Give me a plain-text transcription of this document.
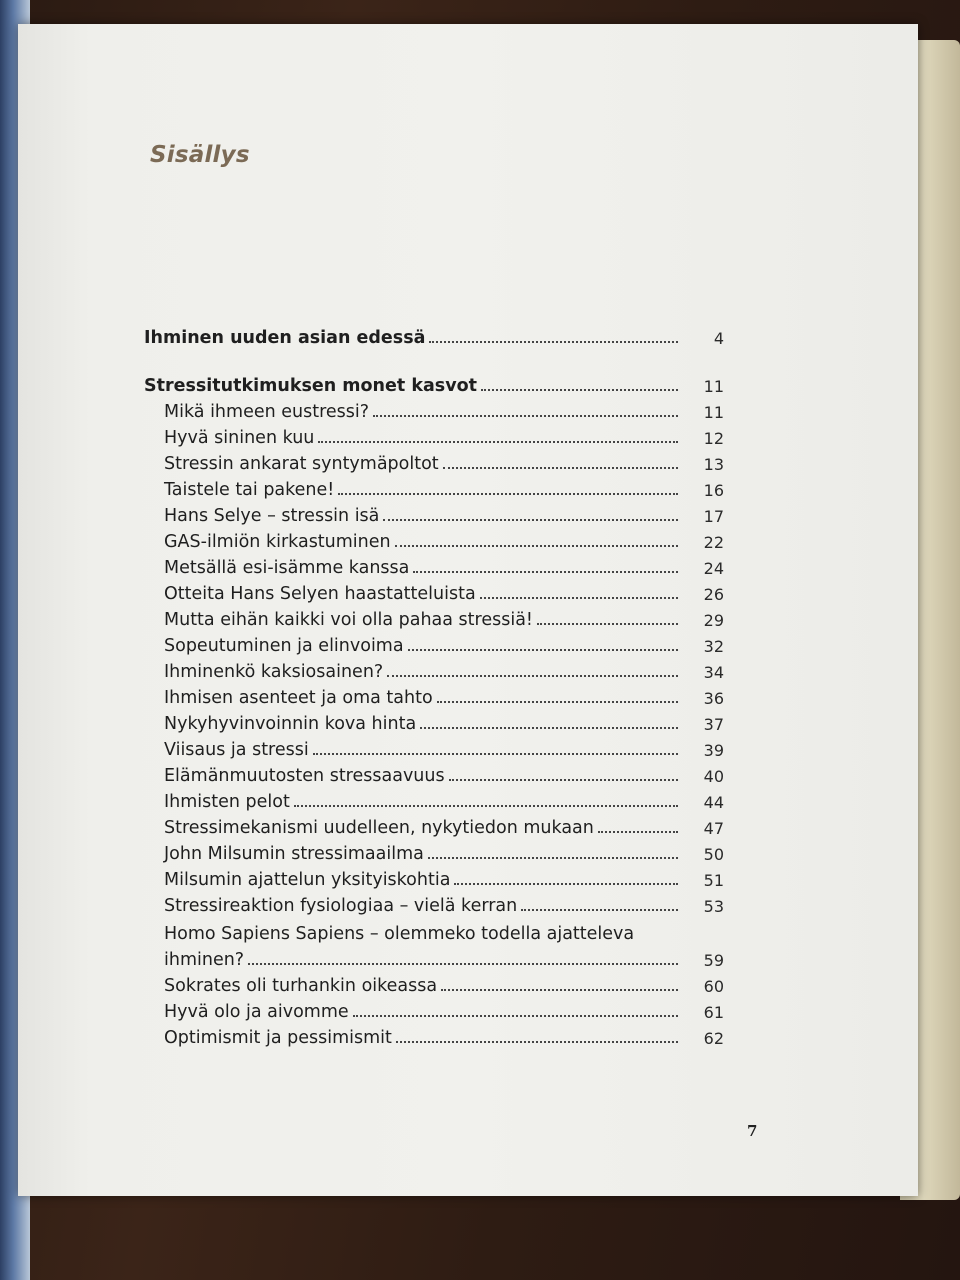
Sisällys
Ihminen uuden asian edessä	4
Stressitutkimuksen monet kasvot	11
Mikä ihmeen eustressi?	11
Hyvä sininen kuu	12
Stressin ankarat syntymäpoltot	13
Taistele tai pakene!	16
Hans Selye – stressin isä	17
GAS-ilmiön kirkastuminen	22
Metsällä esi-isämme kanssa	24
Otteita Hans Selyen haastatteluista	26
Mutta eihän kaikki voi olla pahaa stressiä!	29
Sopeutuminen ja elinvoima	32
Ihminenkö kaksiosainen?	34
Ihmisen asenteet ja oma tahto	36
Nykyhyvinvoinnin kova hinta	37
Viisaus ja stressi	39
Elämänmuutosten stressaavuus	40
Ihmisten pelot	44
Stressimekanismi uudelleen, nykytiedon mukaan	47
John Milsumin stressimaailma	50
Milsumin ajattelun yksityiskohtia	51
Stressireaktion fysiologiaa – vielä kerran	53
Homo Sapiens Sapiens – olemmeko todella ajatteleva
ihminen?	59
Sokrates oli turhankin oikeassa	60
Hyvä olo ja aivomme	61
Optimismit ja pessimismit	62
7
